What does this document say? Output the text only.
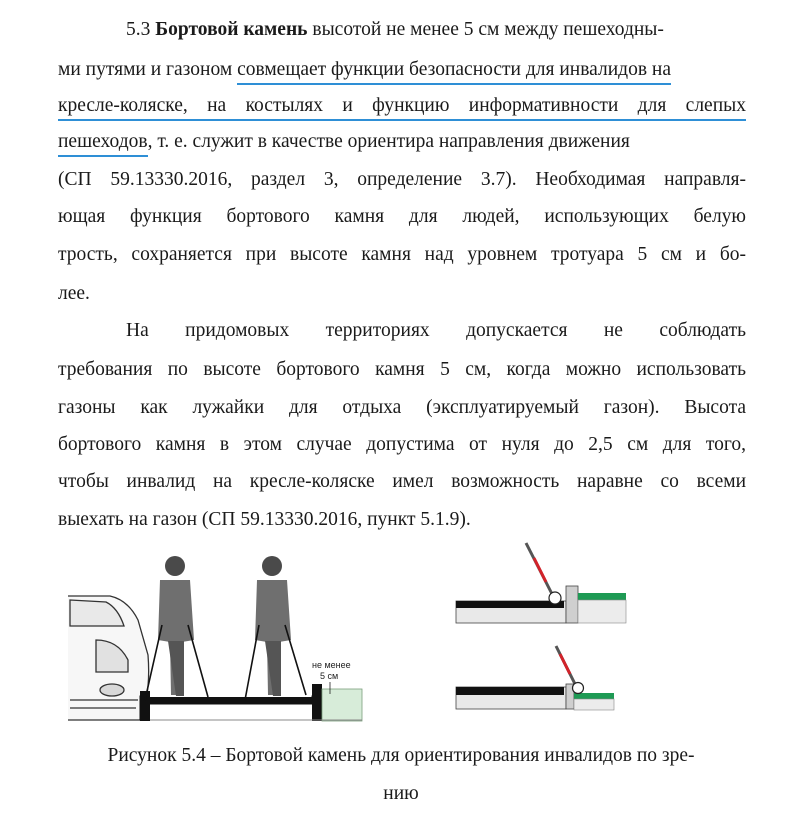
5.3 Бортовой камень высотой не менее 5 см между пешеходны-
ми путями и газоном совмещает функции безопасности для инвалидов на
кресле-коляске, на костылях и функцию информативности для слепых
пешеходов, т. е. служит в качестве ориентира направления движения
(СП 59.13330.2016, раздел 3, определение 3.7). Необходимая направля-
ющая функция бортового камня для людей, использующих белую
трость, сохраняется при высоте камня над уровнем тротуара 5 см и бо-
лее.
На придомовых территориях допускается не соблюдать
требования по высоте бортового камня 5 см, когда можно использовать
газоны как лужайки для отдыха (эксплуатируемый газон). Высота
бортового камня в этом случае допустима от нуля до 2,5 см для того,
чтобы инвалид на кресле-коляске имел возможность наравне со всеми
выехать на газон (СП 59.13330.2016, пункт 5.1.9).
не менее
5 см
Рисунок 5.4 – Бортовой камень для ориентирования инвалидов по зре-
нию
